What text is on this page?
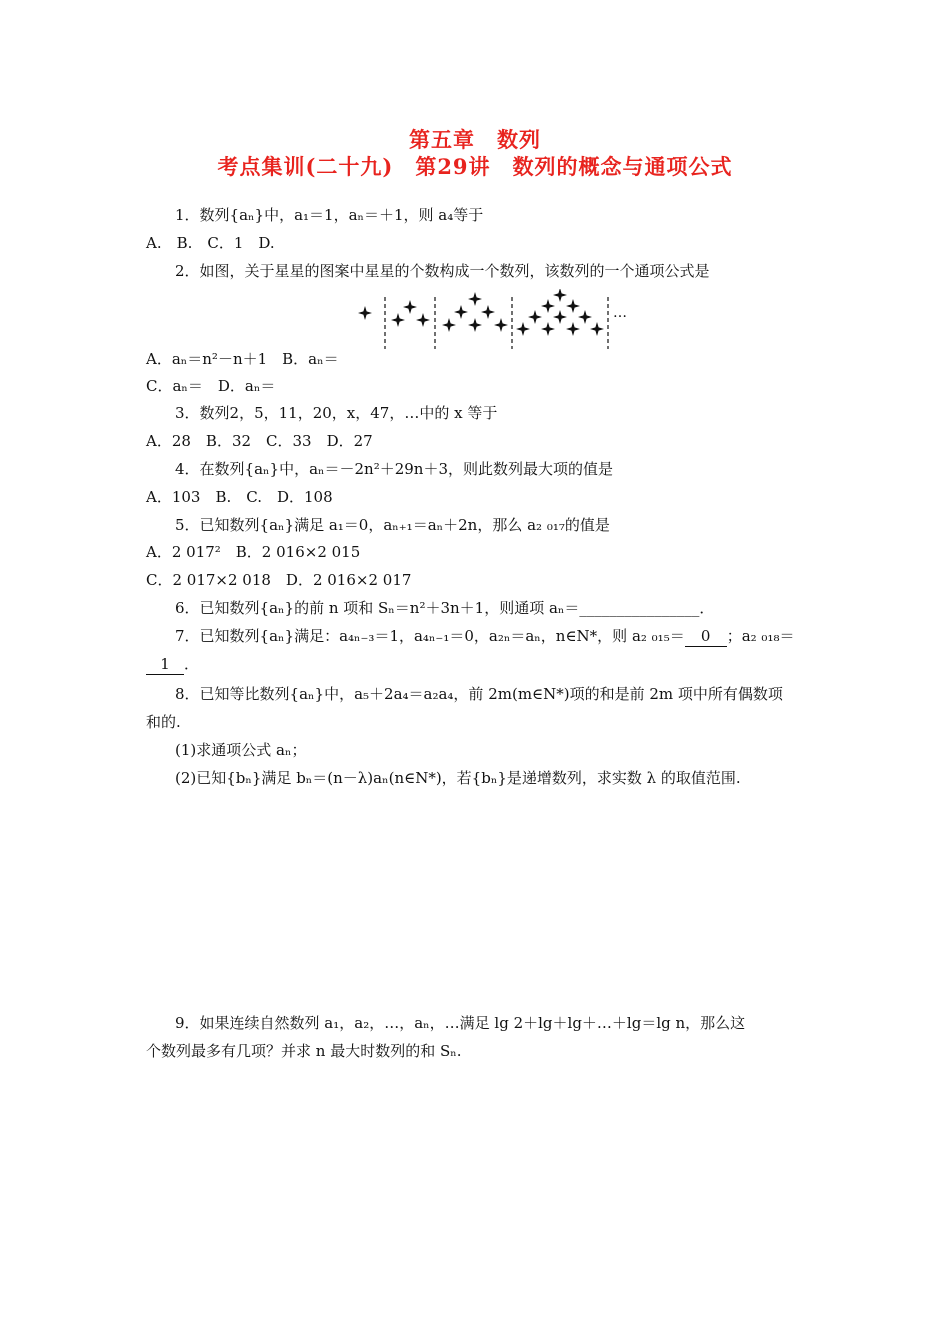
第五章　数列
考点集训(二十九)　第29讲　数列的概念与通项公式
1．数列{aₙ}中，a₁＝1，aₙ＝＋1，则 a₄等于
A.　B.　C．1　D.
2．如图，关于星星的图案中星星的个数构成一个数列，该数列的一个通项公式是
…
A．aₙ＝n²－n＋1　B．aₙ＝
C．aₙ＝　D．aₙ＝
3．数列2，5，11，20，x，47，…中的 x 等于
A．28　B．32　C．33　D．27
4．在数列{aₙ}中，aₙ＝－2n²＋29n＋3，则此数列最大项的值是
A．103　B.　C.　D．108
5．已知数列{aₙ}满足 a₁＝0，aₙ₊₁＝aₙ＋2n，那么 a₂ ₀₁₇的值是
A．2 017²　B．2 016×2 015
C．2 017×2 018　D．2 016×2 017
6．已知数列{aₙ}的前 n 项和 Sₙ＝n²＋3n＋1，则通项 aₙ＝________________．
7．已知数列{aₙ}满足：a₄ₙ₋₃＝1，a₄ₙ₋₁＝0，a₂ₙ＝aₙ，n∈N*，则 a₂ ₀₁₅＝ 0 ；a₂ ₀₁₈＝
1 ．
8．已知等比数列{aₙ}中，a₅＋2a₄＝a₂a₄，前 2m(m∈N*)项的和是前 2m 项中所有偶数项
和的.
(1)求通项公式 aₙ；
(2)已知{bₙ}满足 bₙ＝(n－λ)aₙ(n∈N*)，若{bₙ}是递增数列，求实数 λ 的取值范围.
9．如果连续自然数列 a₁，a₂，…，aₙ，…满足 lg 2＋lg＋lg＋…＋lg＝lg n，那么这
个数列最多有几项？并求 n 最大时数列的和 Sₙ.
